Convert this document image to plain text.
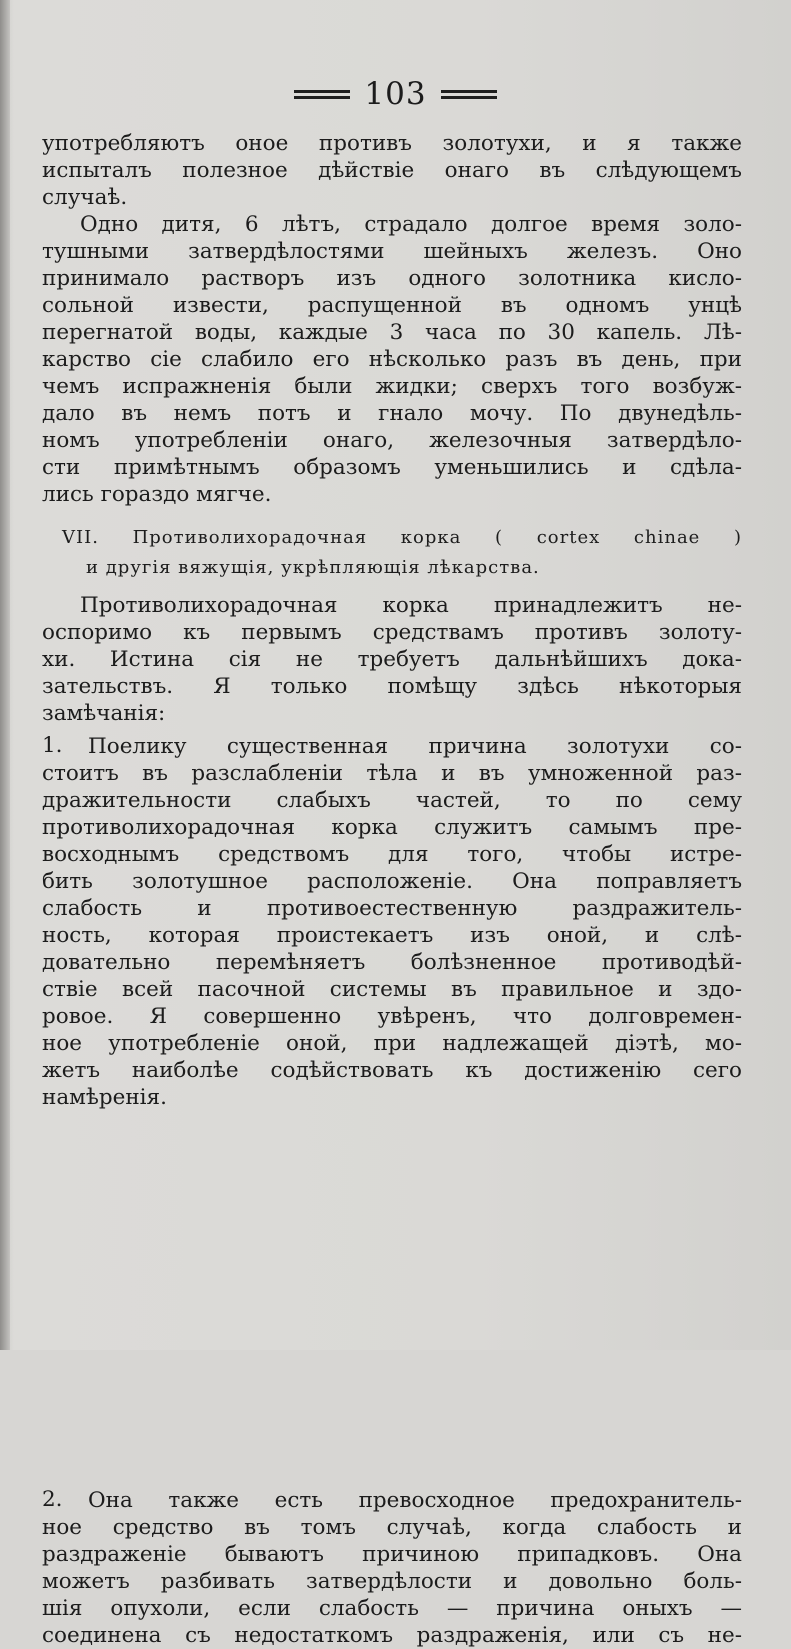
103
употребляютъ оное противъ золотухи, и я также
испыталъ полезное дѣйствіе онаго въ слѣдующемъ
случаѣ.
Одно дитя, 6 лѣтъ, страдало долгое время золо-
тушными затвердѣлостями шейныхъ железъ. Оно
принимало растворъ изъ одного золотника кисло-
сольной извести, распущенной въ одномъ унцѣ
перегнатой воды, каждые 3 часа по 30 капель. Лѣ-
карство сіе слабило его нѣсколько разъ въ день, при
чемъ испражненія были жидки; сверхъ того возбуж-
дало въ немъ потъ и гнало мочу. По двунедѣль-
номъ употребленіи онаго, железочныя затвердѣло-
сти примѣтнымъ образомъ уменьшились и сдѣла-
лись гораздо мягче.
VII. Противолихорадочная корка ( cortex chinae )
и другія вяжущія, укрѣпляющія лѣкарства.
Противолихорадочная корка принадлежитъ не-
оспоримо къ первымъ средствамъ противъ золоту-
хи. Истина сія не требуетъ дальнѣйшихъ дока-
зательствъ. Я только помѣщу здѣсь нѣкоторыя
замѣчанія:
1.	Поелику существенная причина золотухи со-
стоитъ въ разслабленіи тѣла и въ умноженной раз-
дражительности слабыхъ частей, то по сему
противолихорадочная корка служитъ самымъ пре-
восходнымъ средствомъ для того, чтобы истре-
бить золотушное расположеніе. Она поправляетъ
слабость и противоестественную раздражитель-
ность, которая проистекаетъ изъ оной, и слѣ-
довательно перемѣняетъ болѣзненное противодѣй-
ствіе всей пасочной системы въ правильное и здо-
ровое. Я совершенно увѣренъ, что долговремен-
ное употребленіе оной, при надлежащей діэтѣ, мо-
жетъ наиболѣе содѣйствовать къ достиженію сего
намѣренія.
2.	Она также есть превосходное предохранитель-
ное средство въ томъ случаѣ, когда слабость и
раздраженіе бываютъ причиною припадковъ. Она
можетъ разбивать затвердѣлости и довольно боль-
шія опухоли, если слабость — причина оныхъ —
соединена съ недостаткомъ раздраженія, или съ не-
